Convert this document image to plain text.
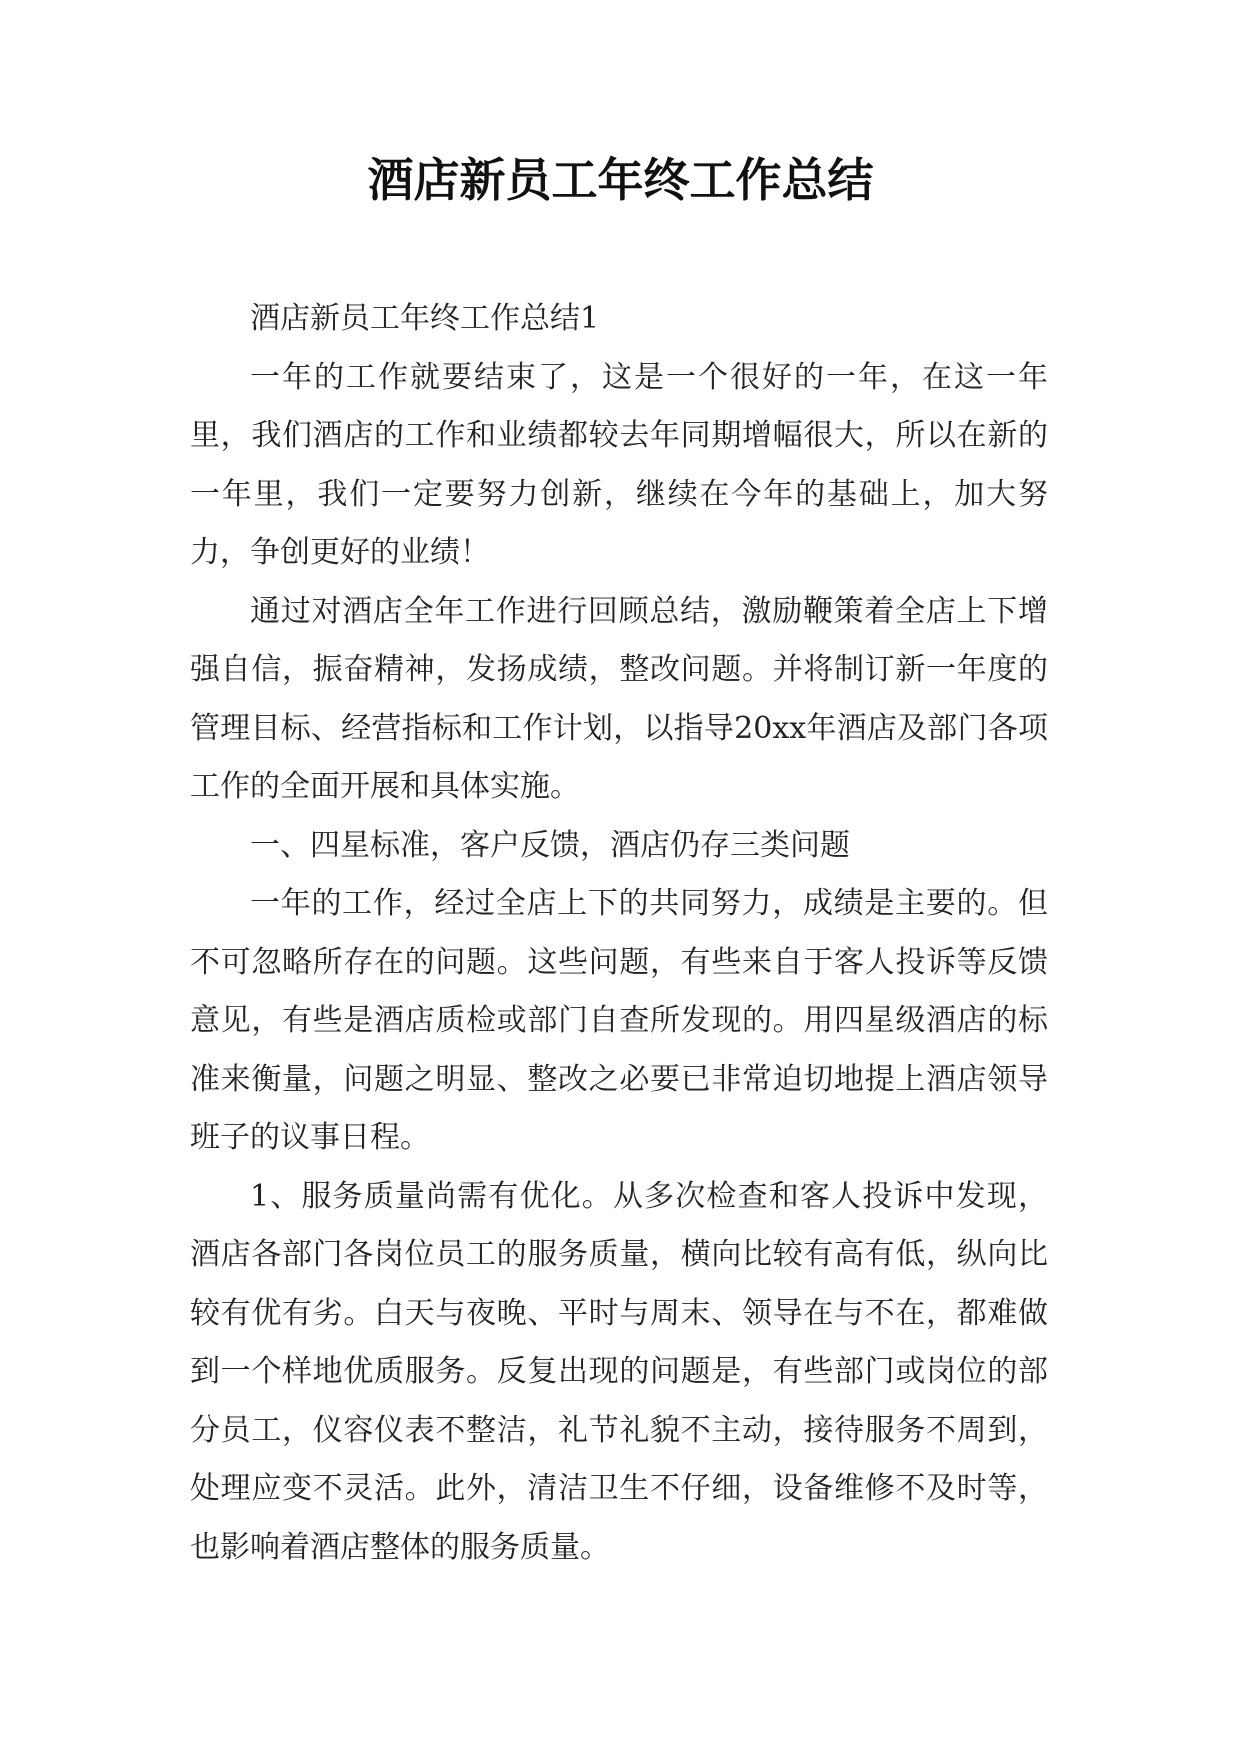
酒店新员工年终工作总结

酒店新员工年终工作总结1

一年的工作就要结束了，这是一个很好的一年，在这一年里，我们酒店的工作和业绩都较去年同期增幅很大，所以在新的一年里，我们一定要努力创新，继续在今年的基础上，加大努力，争创更好的业绩！

通过对酒店全年工作进行回顾总结，激励鞭策着全店上下增强自信，振奋精神，发扬成绩，整改问题。并将制订新一年度的管理目标、经营指标和工作计划，以指导20xx年酒店及部门各项工作的全面开展和具体实施。

一、四星标准，客户反馈，酒店仍存三类问题

一年的工作，经过全店上下的共同努力，成绩是主要的。但不可忽略所存在的问题。这些问题，有些来自于客人投诉等反馈意见，有些是酒店质检或部门自查所发现的。用四星级酒店的标准来衡量，问题之明显、整改之必要已非常迫切地提上酒店领导班子的议事日程。

1、服务质量尚需有优化。从多次检查和客人投诉中发现，酒店各部门各岗位员工的服务质量，横向比较有高有低，纵向比较有优有劣。白天与夜晚、平时与周末、领导在与不在，都难做到一个样地优质服务。反复出现的问题是，有些部门或岗位的部分员工，仪容仪表不整洁，礼节礼貌不主动，接待服务不周到，处理应变不灵活。此外，清洁卫生不仔细，设备维修不及时等，也影响着酒店整体的服务质量。
